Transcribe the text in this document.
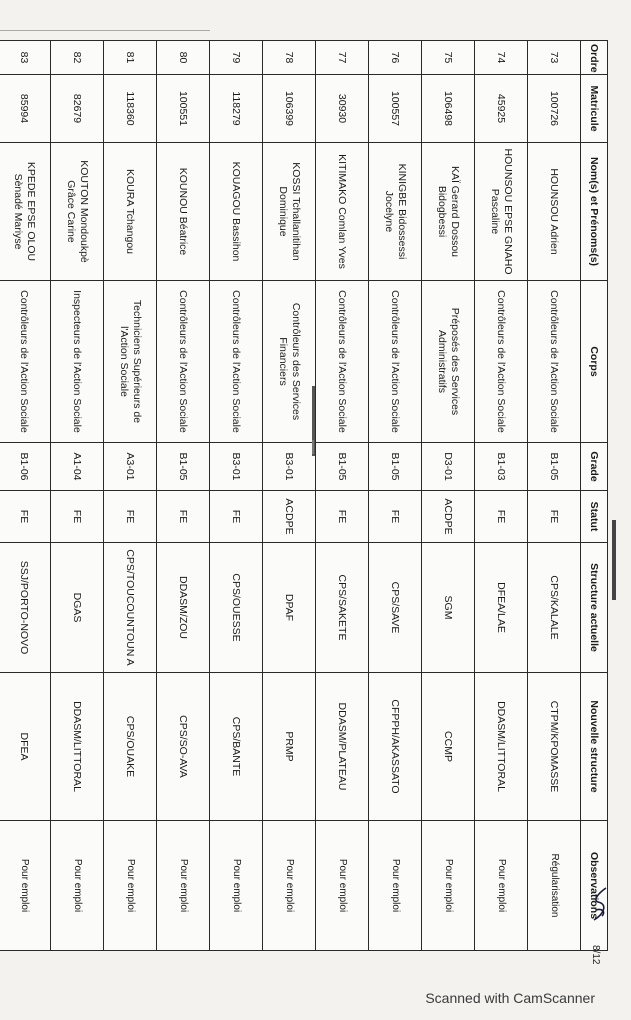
Ordre	Matricule	Nom(s) et Prénoms(s)	Corps	Grade	Statut	Structure actuelle	Nouvelle structure	Observations
73	100726	HOUNSOU Adrien	Contrôleurs de l'Action Sociale	B1-05	FE	CPS/KALALE	CTPM/KPOMASSE	Régularisation
74	45925	HOUNSOU EPSE GNAHO Pascaline	Contrôleurs de l'Action Sociale	B1-03	FE	DFEA/LAE	DDASM/LITTORAL	Pour emploi
75	106498	KAÏ Gerard Dossou Bidogbessi	Préposés des Services Administratifs	D3-01	ACDPE	SGM	CCMP	Pour emploi
76	100557	KINIGBE Bidossessi Jocelyne	Contrôleurs de l'Action Sociale	B1-05	FE	CPS/SAVE	CFPPH/AKASSATO	Pour emploi
77	30930	KITIMAKO Comlan Yves	Contrôleurs de l'Action Sociale	B1-05	FE	CPS/SAKETE	DDASM/PLATEAU	Pour emploi
78	106399	KOSSI Tchallanitihan Dominique	Contrôleurs des Services Financiers	B3-01	ACDPE	DPAF	PRMP	Pour emploi
79	118279	KOUAGOU Bassihon	Contrôleurs de l'Action Sociale	B3-01	FE	CPS/OUESSE	CPS/BANTE	Pour emploi
80	100551	KOUNOU Béatrice	Contrôleurs de l'Action Sociale	B1-05	FE	DDASM/ZOU	CPS/SO-AVA	Pour emploi
81	118360	KOURA Tchangou	Techniciens Supérieurs de l'Action Sociale	A3-01	FE	CPS/TOUCOUNTOUN A	CPS/OUAKE	Pour emploi
82	82679	KOUTON Mondoukpè Grâce Carine	Inspecteurs de l'Action Sociale	A1-04	FE	DGAS	DDASM/LITTORAL	Pour emploi
83	85994	KPEDE EPSE OLOU Sènadé Mariyse	Contrôleurs de l'Action Sociale	B1-06	FE	SSJ/PORTO-NOVO	DFEA	Pour emploi
8/12
Scanned with CamScanner
